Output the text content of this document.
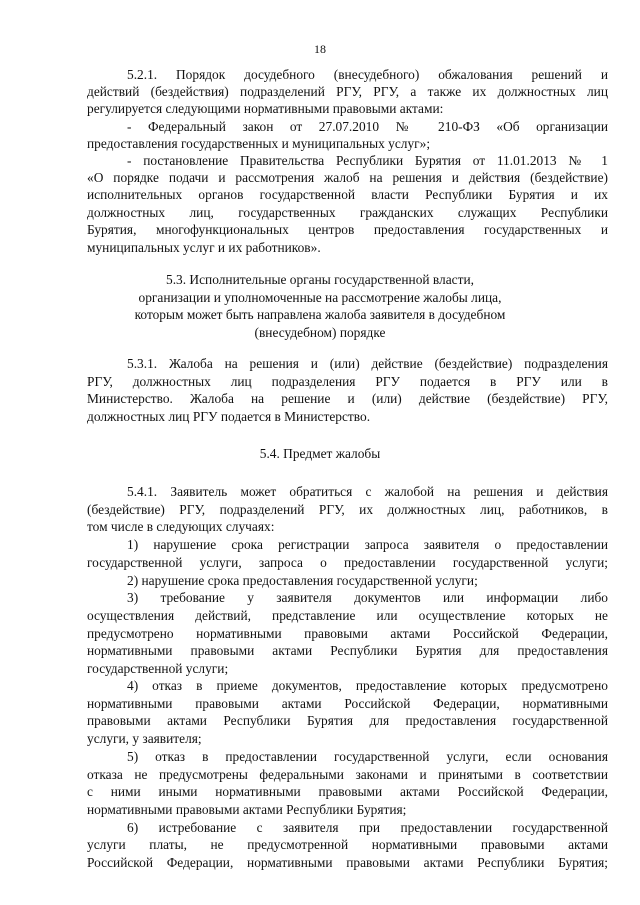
18
5.2.1. Порядок досудебного (внесудебного) обжалования решений и
действий (бездействия) подразделений РГУ, РГУ, а также их должностных лиц
регулируется следующими нормативными правовыми актами:
- Федеральный закон от 27.07.2010 № 210-ФЗ «Об организации
предоставления государственных и муниципальных услуг»;
- постановление Правительства Республики Бурятия от 11.01.2013 № 1
«О порядке подачи и рассмотрения жалоб на решения и действия (бездействие)
исполнительных органов государственной власти Республики Бурятия и их
должностных лиц, государственных гражданских служащих Республики
Бурятия, многофункциональных центров предоставления государственных и
муниципальных услуг и их работников».
5.3. Исполнительные органы государственной власти,
организации и уполномоченные на рассмотрение жалобы лица,
которым может быть направлена жалоба заявителя в досудебном
(внесудебном) порядке
5.3.1. Жалоба на решения и (или) действие (бездействие) подразделения
РГУ, должностных лиц подразделения РГУ подается в РГУ или в
Министерство. Жалоба на решение и (или) действие (бездействие) РГУ,
должностных лиц РГУ подается в Министерство.
5.4. Предмет жалобы
5.4.1. Заявитель может обратиться с жалобой на решения и действия
(бездействие) РГУ, подразделений РГУ, их должностных лиц, работников, в
том числе в следующих случаях:
1) нарушение срока регистрации запроса заявителя о предоставлении
государственной услуги, запроса о предоставлении государственной услуги;
2) нарушение срока предоставления государственной услуги;
3) требование у заявителя документов или информации либо
осуществления действий, представление или осуществление которых не
предусмотрено нормативными правовыми актами Российской Федерации,
нормативными правовыми актами Республики Бурятия для предоставления
государственной услуги;
4) отказ в приеме документов, предоставление которых предусмотрено
нормативными правовыми актами Российской Федерации, нормативными
правовыми актами Республики Бурятия для предоставления государственной
услуги, у заявителя;
5) отказ в предоставлении государственной услуги, если основания
отказа не предусмотрены федеральными законами и принятыми в соответствии
с ними иными нормативными правовыми актами Российской Федерации,
нормативными правовыми актами Республики Бурятия;
6) истребование с заявителя при предоставлении государственной
услуги платы, не предусмотренной нормативными правовыми актами
Российской Федерации, нормативными правовыми актами Республики Бурятия;
